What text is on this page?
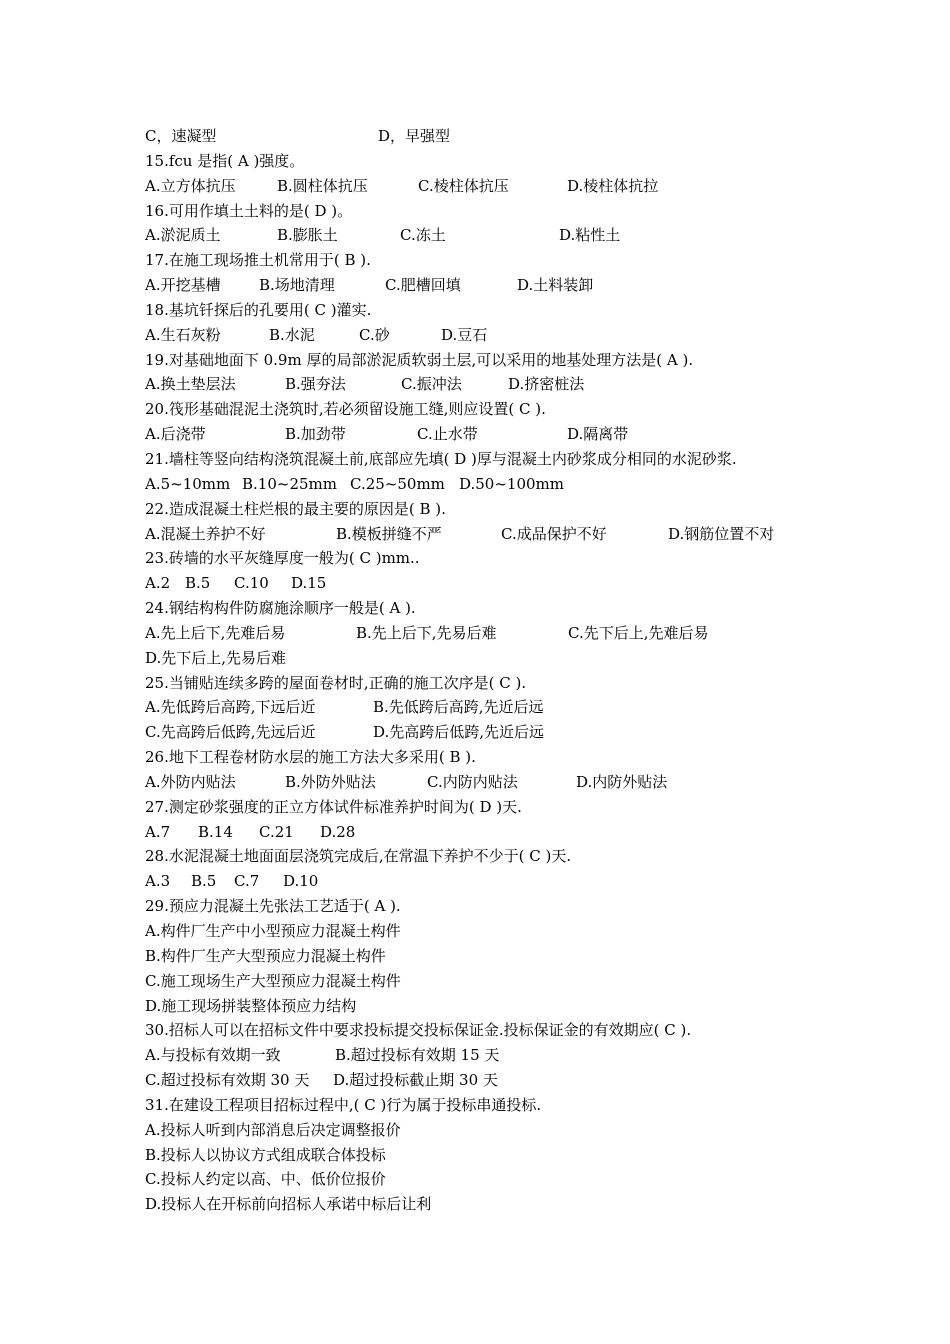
C，速凝型	D，早强型
15.fcu 是指( A )强度。
A.立方体抗压	B.圆柱体抗压	C.棱柱体抗压	D.棱柱体抗拉
16.可用作填土土料的是( D )。
A.淤泥质土	B.膨胀土	C.冻土	D.粘性土
17.在施工现场推土机常用于( B ).
A.开挖基槽	B.场地清理	C.肥槽回填	D.土料装卸
18.基坑钎探后的孔要用( C )灌实.
A.生石灰粉	B.水泥	C.砂	D.豆石
19.对基础地面下 0.9m 厚的局部淤泥质软弱土层,可以采用的地基处理方法是( A ).
A.换土垫层法	B.强夯法	C.振冲法	D.挤密桩法
20.筏形基础混泥土浇筑时,若必须留设施工缝,则应设置( C ).
A.后浇带	B.加劲带	C.止水带	D.隔离带
21.墙柱等竖向结构浇筑混凝土前,底部应先填( D )厚与混凝土内砂浆成分相同的水泥砂浆.
A.5~10mm B.10~25mm C.25~50mm D.50~100mm
22.造成混凝土柱烂根的最主要的原因是( B ).
A.混凝土养护不好	B.模板拼缝不严	C.成品保护不好	D.钢筋位置不对
23.砖墙的水平灰缝厚度一般为( C )mm..
A.2 B.5 C.10 D.15
24.钢结构构件防腐施涂顺序一般是( A ).
A.先上后下,先难后易	B.先上后下,先易后难	C.先下后上,先难后易
D.先下后上,先易后难
25.当铺贴连续多跨的屋面卷材时,正确的施工次序是( C ).
A.先低跨后高跨,下远后近	B.先低跨后高跨,先近后远
C.先高跨后低跨,先远后近	D.先高跨后低跨,先近后远
26.地下工程卷材防水层的施工方法大多采用( B ).
A.外防内贴法	B.外防外贴法	C.内防内贴法	D.内防外贴法
27.测定砂浆强度的正立方体试件标准养护时间为( D )天.
A.7 B.14 C.21 D.28
28.水泥混凝土地面面层浇筑完成后,在常温下养护不少于( C )天.
A.3 B.5 C.7 D.10
29.预应力混凝土先张法工艺适于( A ).
A.构件厂生产中小型预应力混凝土构件
B.构件厂生产大型预应力混凝土构件
C.施工现场生产大型预应力混凝土构件
D.施工现场拼装整体预应力结构
30.招标人可以在招标文件中要求投标提交投标保证金.投标保证金的有效期应( C ).
A.与投标有效期一致	B.超过投标有效期 15 天
C.超过投标有效期 30 天 D.超过投标截止期 30 天
31.在建设工程项目招标过程中,( C )行为属于投标串通投标.
A.投标人听到内部消息后决定调整报价
B.投标人以协议方式组成联合体投标
C.投标人约定以高、中、低价位报价
D.投标人在开标前向招标人承诺中标后让利
